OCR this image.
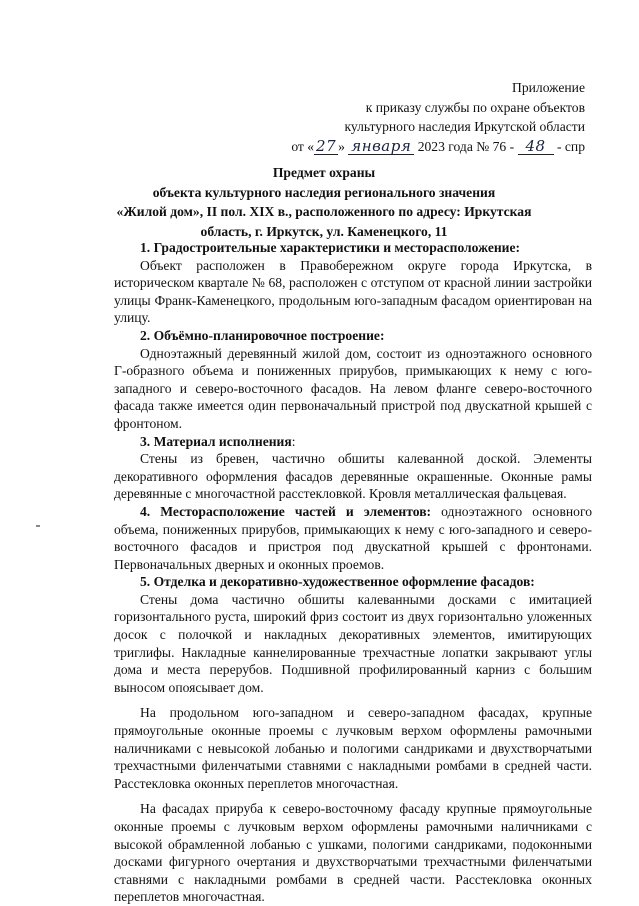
Приложение
к приказу службы по охране объектов
культурного наследия Иркутской области
от « 27 » января 2023 года № 76 - 48 - спр
Предмет охраны
объекта культурного наследия регионального значения
«Жилой дом», II пол. XIX в., расположенного по адресу: Иркутская
область, г. Иркутск, ул. Каменецкого, 11

1. Градостроительные характеристики и месторасположение:

Объект расположен в Правобережном округе города Иркутска, в историческом квартале № 68, расположен с отступом от красной линии застройки улицы Франк-Каменецкого, продольным юго-западным фасадом ориентирован на улицу.

2. Объёмно-планировочное построение:

Одноэтажный деревянный жилой дом, состоит из одноэтажного основного Г-образного объема и пониженных прирубов, примыкающих к нему с юго-западного и северо-восточного фасадов. На левом фланге северо-восточного фасада также имеется один первоначальный пристрой под двускатной крышей с фронтоном.

3. Материал исполнения:

Стены из бревен, частично обшиты калеванной доской. Элементы декоративного оформления фасадов деревянные окрашенные. Оконные рамы деревянные с многочастной расстекловкой. Кровля металлическая фальцевая.

4. Месторасположение частей и элементов: одноэтажного основного объема, пониженных прирубов, примыкающих к нему с юго-западного и северо-восточного фасадов и пристроя под двускатной крышей с фронтонами. Первоначальных дверных и оконных проемов.

5. Отделка и декоративно-художественное оформление фасадов:

Стены дома частично обшиты калеванными досками с имитацией горизонтального руста, широкий фриз состоит из двух горизонтально уложенных досок с полочкой и накладных декоративных элементов, имитирующих триглифы. Накладные каннелированные трехчастные лопатки закрывают углы дома и места перерубов. Подшивной профилированный карниз с большим выносом опоясывает дом.

На продольном юго-западном и северо-западном фасадах, крупные прямоугольные оконные проемы с лучковым верхом оформлены рамочными наличниками с невысокой лобанью и пологими сандриками и двухстворчатыми трехчастными филенчатыми ставнями с накладными ромбами в средней части. Расстекловка оконных переплетов многочастная.

На фасадах прируба к северо-восточному фасаду крупные прямоугольные оконные проемы с лучковым верхом оформлены рамочными наличниками с высокой обрамленной лобанью с ушками, пологими сандриками, подоконными досками фигурного очертания и двухстворчатыми трехчастными филенчатыми ставнями с накладными ромбами в средней части. Расстекловка оконных переплетов многочастная.
